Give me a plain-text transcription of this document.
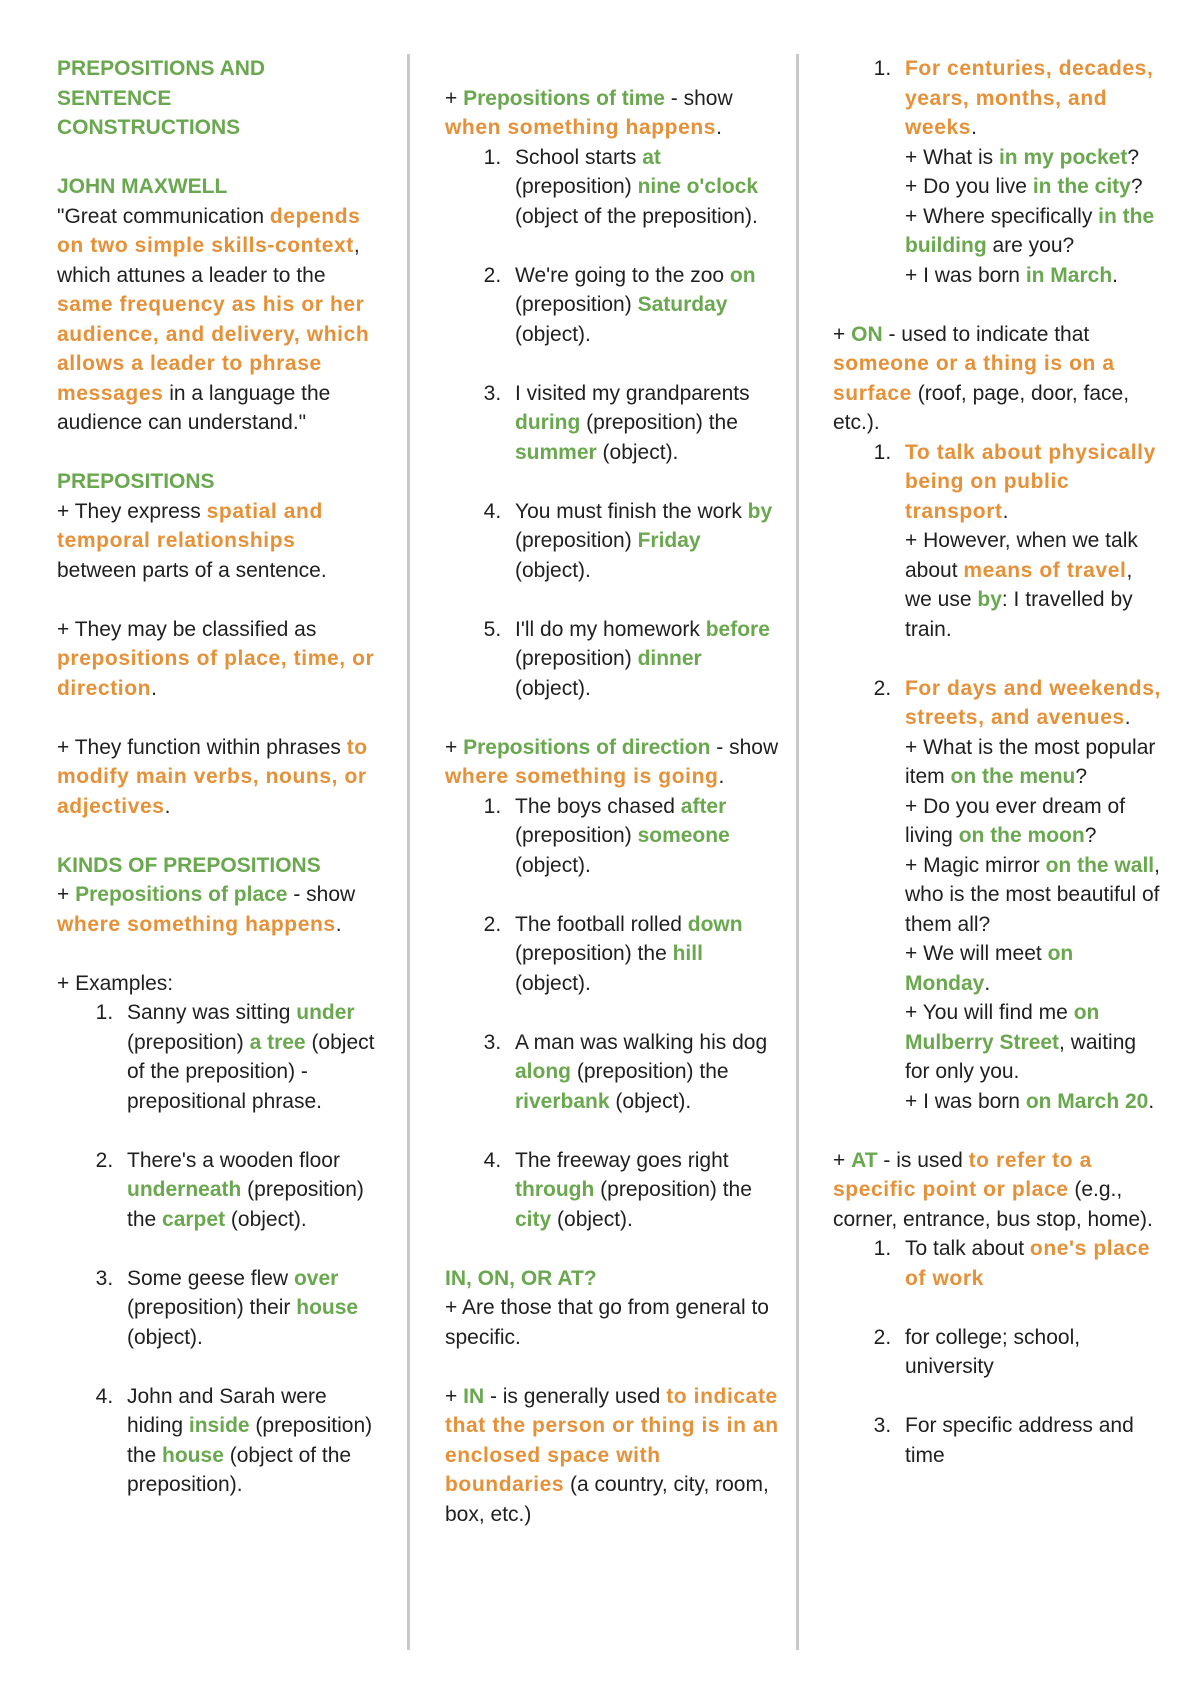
PREPOSITIONS AND
SENTENCE
CONSTRUCTIONS

JOHN MAXWELL

"Great communication depends on two simple skills-context, which attunes a leader to the same frequency as his or her audience, and delivery, which allows a leader to phrase messages in a language the audience can understand."

PREPOSITIONS

+ They express spatial and temporal relationships between parts of a sentence.

+ They may be classified as prepositions of place, time, or direction.

+ They function within phrases to modify main verbs, nouns, or adjectives.

KINDS OF PREPOSITIONS

+ Prepositions of place - show where something happens.

+ Examples:

1. Sanny was sitting under (preposition) a tree (object of the preposition) - prepositional phrase.
2. There's a wooden floor underneath (preposition) the carpet (object).
3. Some geese flew over (preposition) their house (object).
4. John and Sarah were hiding inside (preposition) the house (object of the preposition).

+ Prepositions of time - show when something happens.

1. School starts at (preposition) nine o'clock (object of the preposition).
2. We're going to the zoo on (preposition) Saturday (object).
3. I visited my grandparents during (preposition) the summer (object).
4. You must finish the work by (preposition) Friday (object).
5. I'll do my homework before (preposition) dinner (object).

+ Prepositions of direction - show where something is going.

1. The boys chased after (preposition) someone (object).
2. The football rolled down (preposition) the hill (object).
3. A man was walking his dog along (preposition) the riverbank (object).
4. The freeway goes right through (preposition) the city (object).

IN, ON, OR AT?

+ Are those that go from general to specific.

+ IN - is generally used to indicate that the person or thing is in an enclosed space with boundaries (a country, city, room, box, etc.)

1. For centuries, decades, years, months, and weeks.
+ What is in my pocket?
+ Do you live in the city?
+ Where specifically in the building are you?
+ I was born in March.

+ ON - used to indicate that someone or a thing is on a surface (roof, page, door, face, etc.).

1. To talk about physically being on public transport.
+ However, when we talk about means of travel, we use by: I travelled by train.
2. For days and weekends, streets, and avenues.
+ What is the most popular item on the menu?
+ Do you ever dream of living on the moon?
+ Magic mirror on the wall, who is the most beautiful of them all?
+ We will meet on Monday.
+ You will find me on Mulberry Street, waiting for only you.
+ I was born on March 20.

+ AT - is used to refer to a specific point or place (e.g., corner, entrance, bus stop, home).

1. To talk about one's place of work
2. for college; school, university
3. For specific address and time
